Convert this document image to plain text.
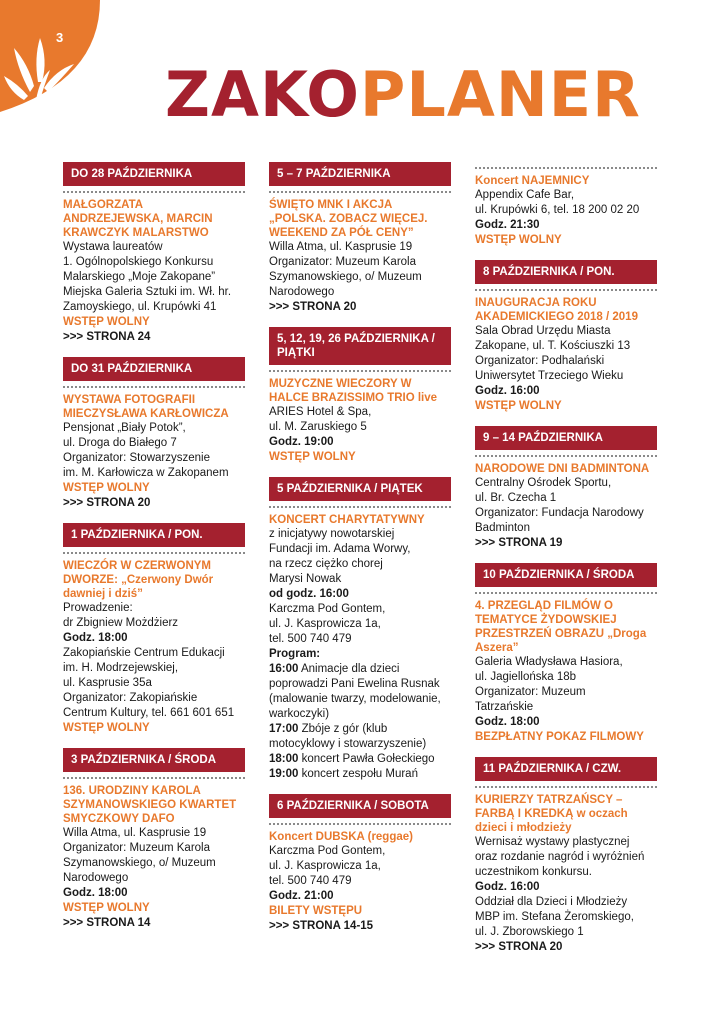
3
ZAKO PLANER
DO 28 PAŹDZIERNIKA
MAŁGORZATA ANDRZEJEWSKA, MARCIN KRAWCZYK MALARSTWO
Wystawa laureatów
1. Ogólnopolskiego Konkursu
Malarskiego „Moje Zakopane”
Miejska Galeria Sztuki im. Wł. hr.
Zamoyskiego, ul. Krupówki 41
WSTĘP WOLNY
>>> STRONA 24
DO 31 PAŹDZIERNIKA
WYSTAWA FOTOGRAFII MIECZYSŁAWA KARŁOWICZA
Pensjonat „Biały Potok”,
ul. Droga do Białego 7
Organizator: Stowarzyszenie
im. M. Karłowicza w Zakopanem
WSTĘP WOLNY
>>> STRONA 20
1 PAŹDZIERNIKA / PON.
WIECZÓR W CZERWONYM DWORZE: „Czerwony Dwór dawniej i dziś”
Prowadzenie:
dr Zbigniew Możdżierz
Godz. 18:00
Zakopiańskie Centrum Edukacji
im. H. Modrzejewskiej,
ul. Kasprusie 35a
Organizator: Zakopiańskie
Centrum Kultury, tel. 661 601 651
WSTĘP WOLNY
3 PAŹDZIERNIKA / ŚRODA
136. URODZINY KAROLA SZYMANOWSKIEGO KWARTET SMYCZKOWY DAFO
Willa Atma, ul. Kasprusie 19
Organizator: Muzeum Karola
Szymanowskiego, o/ Muzeum
Narodowego
Godz. 18:00
WSTĘP WOLNY
>>> STRONA 14
5 – 7 PAŹDZIERNIKA
ŚWIĘTO MNK I AKCJA „POLSKA. ZOBACZ WIĘCEJ. WEEKEND ZA PÓŁ CENY”
Willa Atma, ul. Kasprusie 19
Organizator: Muzeum Karola
Szymanowskiego, o/ Muzeum
Narodowego
>>> STRONA 20
5, 12, 19, 26 PAŹDZIERNIKA / PIĄTKI
MUZYCZNE WIECZORY W HALCE BRAZISSIMO TRIO live
ARIES Hotel & Spa,
ul. M. Zaruskiego 5
Godz. 19:00
WSTĘP WOLNY
5 PAŹDZIERNIKA / PIĄTEK
KONCERT CHARYTATYWNY
z inicjatywy nowotarskiej
Fundacji im. Adama Worwy,
na rzecz ciężko chorej
Marysi Nowak
od godz. 16:00
Karczma Pod Gontem,
ul. J. Kasprowicza 1a,
tel. 500 740 479
Program:
16:00 Animacje dla dzieci poprowadzi Pani Ewelina Rusnak (malowanie twarzy, modelowanie, warkoczyki)
17:00 Zbóje z gór (klub motocyklowy i stowarzyszenie)
18:00 koncert Pawła Gołeckiego
19:00 koncert zespołu Murań
6 PAŹDZIERNIKA / SOBOTA
Koncert DUBSKA (reggae)
Karczma Pod Gontem,
ul. J. Kasprowicza 1a,
tel. 500 740 479
Godz. 21:00
BILETY WSTĘPU
>>> STRONA 14-15
Koncert NAJEMNICY
Appendix Cafe Bar,
ul. Krupówki 6, tel. 18 200 02 20
Godz. 21:30
WSTĘP WOLNY
8 PAŹDZIERNIKA / PON.
INAUGURACJA ROKU AKADEMICKIEGO 2018 / 2019
Sala Obrad Urzędu Miasta
Zakopane, ul. T. Kościuszki 13
Organizator: Podhalański
Uniwersytet Trzeciego Wieku
Godz. 16:00
WSTĘP WOLNY
9 – 14 PAŹDZIERNIKA
NARODOWE DNI BADMINTONA
Centralny Ośrodek Sportu,
ul. Br. Czecha 1
Organizator: Fundacja Narodowy
Badminton
>>> STRONA 19
10 PAŹDZIERNIKA / ŚRODA
4. PRZEGLĄD FILMÓW O TEMATYCE ŻYDOWSKIEJ PRZESTRZEŃ OBRAZU „Droga Aszera”
Galeria Władysława Hasiora,
ul. Jagiellońska 18b
Organizator: Muzeum
Tatrzańskie
Godz. 18:00
BEZPŁATNY POKAZ FILMOWY
11 PAŹDZIERNIKA / CZW.
KURIERZY TATRZAŃSCY – FARBĄ I KREDKĄ w oczach dzieci i młodzieży
Wernisaż wystawy plastycznej
oraz rozdanie nagród i wyróżnień
uczestnikom konkursu.
Godz. 16:00
Oddział dla Dzieci i Młodzieży
MBP im. Stefana Żeromskiego,
ul. J. Zborowskiego 1
>>> STRONA 20
